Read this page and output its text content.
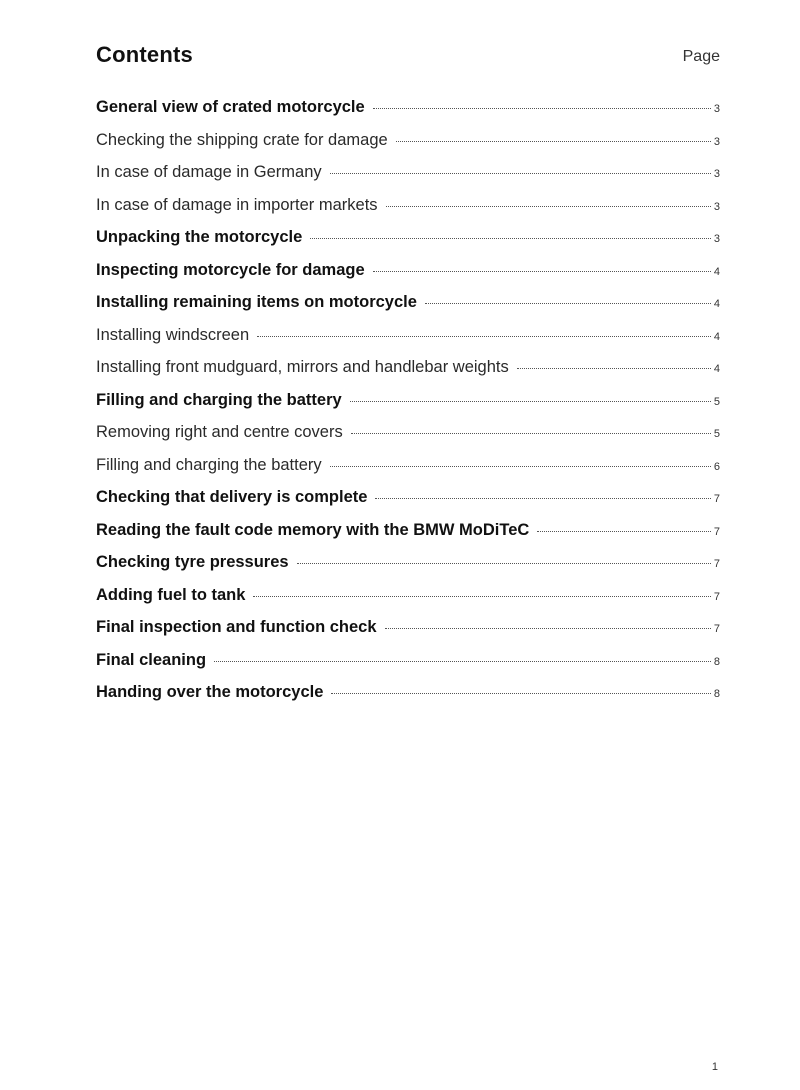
Contents	Page
General view of crated motorcycle	3
Checking the shipping crate for damage	3
In case of damage in Germany	3
In case of damage in importer markets	3
Unpacking the motorcycle	3
Inspecting motorcycle for damage	4
Installing remaining items on motorcycle	4
Installing windscreen	4
Installing front mudguard, mirrors and handlebar weights	4
Filling and charging the battery	5
Removing right and centre covers	5
Filling and charging the battery	6
Checking that delivery is complete	7
Reading the fault code memory with the BMW MoDiTeC	7
Checking tyre pressures	7
Adding fuel to tank	7
Final inspection and function check	7
Final cleaning	8
Handing over the motorcycle	8
1
